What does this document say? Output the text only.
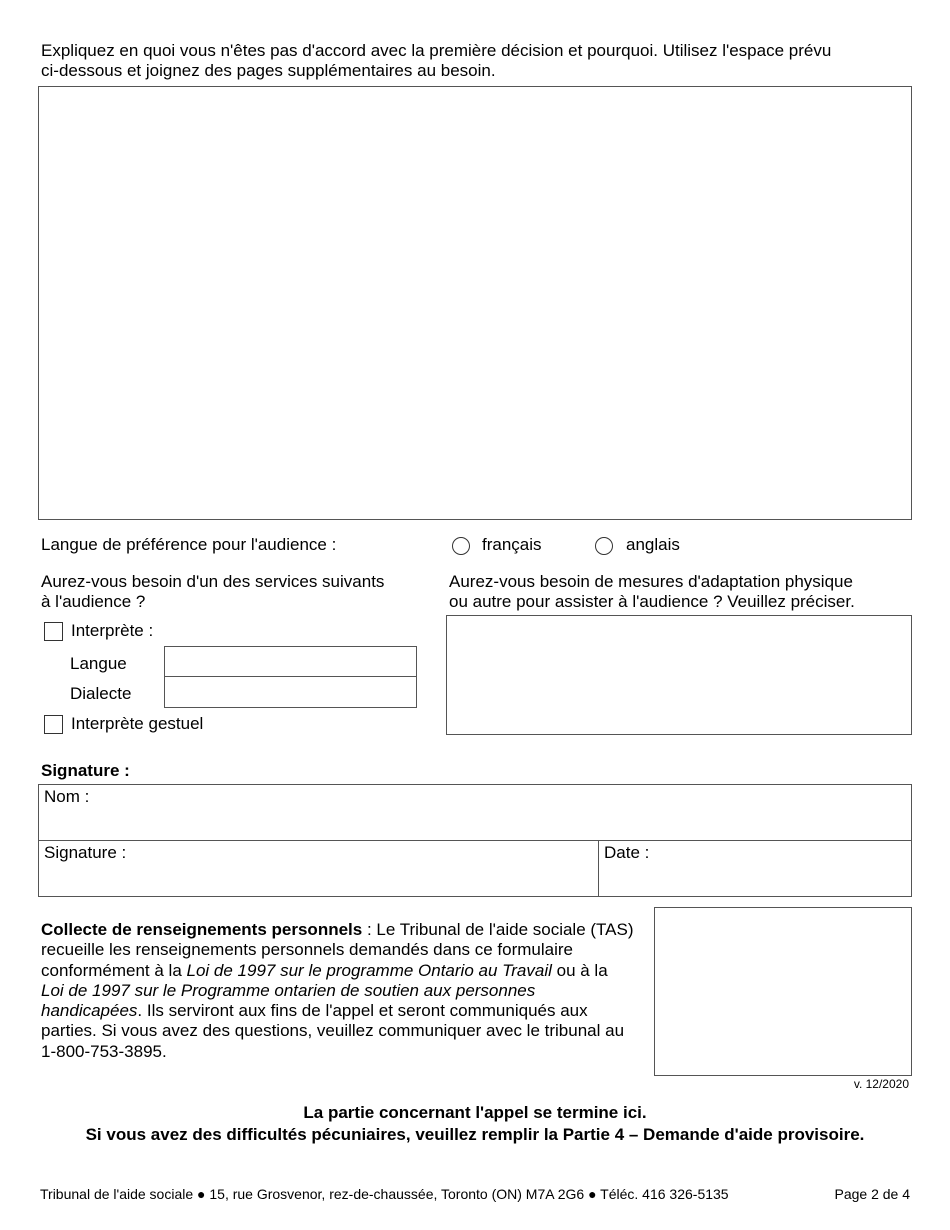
Expliquez en quoi vous n'êtes pas d'accord avec la première décision et pourquoi. Utilisez l'espace prévu
ci-dessous et joignez des pages supplémentaires au besoin.
Langue de préférence pour l'audience :	français	anglais
Aurez-vous besoin d'un des services suivants
à l'audience ?
Interprète :
Langue
Dialecte
Interprète gestuel
Aurez-vous besoin de mesures d'adaptation physique
ou autre pour assister à l'audience ? Veuillez préciser.
Signature :
Nom :
Signature :	Date :
Collecte de renseignements personnels : Le Tribunal de l'aide sociale (TAS) recueille les renseignements personnels demandés dans ce formulaire conformément à la Loi de 1997 sur le programme Ontario au Travail ou à la Loi de 1997 sur le Programme ontarien de soutien aux personnes handicapées. Ils serviront aux fins de l'appel et seront communiqués aux parties. Si vous avez des questions, veuillez communiquer avec le tribunal au 1-800-753-3895.
v. 12/2020
La partie concernant l'appel se termine ici.
Si vous avez des difficultés pécuniaires, veuillez remplir la Partie 4 – Demande d'aide provisoire.
Tribunal de l'aide sociale ● 15, rue Grosvenor, rez-de-chaussée, Toronto (ON) M7A 2G6 ● Téléc. 416 326-5135	Page 2 de 4
